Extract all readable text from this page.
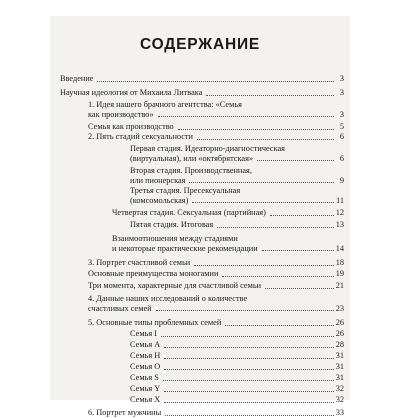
СОДЕРЖАНИЕ
Введение	3
Научная идеология от Михаила Литвака	3
1. Идея нашего брачного агентства: «Семья
как производство»	3
Семья как производство	5
2. Пять стадий сексуальности	6
Первая стадия. Идеаторно-диагностическая
(виртуальная), или «октябрятская»	6
Вторая стадия. Производственная,
или пионерская	9
Третья стадия. Пресексуальная
(комсомольская)	11
Четвертая стадия. Сексуальная (партийная)	12
Пятая стадия. Итоговая	13
Взаимоотношения между стадиями
и некоторые практические рекомендации	14
3. Портрет счастливой семьи	18
Основные преимущества моногамии	19
Три момента, характерные для счастливой семьи	21
4. Данные наших исследований о количестве
счастливых семей	23
5. Основные типы проблемных семей	26
Семья I	26
Семья A	28
Семья H	31
Семья O	31
Семья S	31
Семья Y	32
Семья X	32
6. Портрет мужчины	33
